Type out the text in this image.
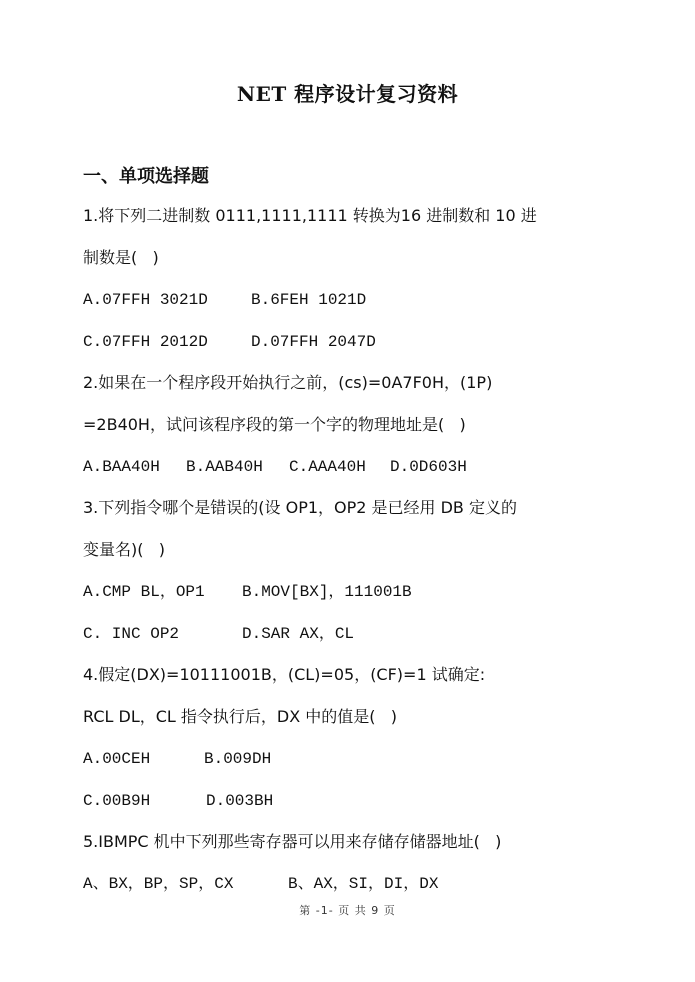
NET 程序设计复习资料
一、单项选择题
1.将下列二进制数 0111,1111,1111 转换为16 进制数和 10 进
制数是(   )
A.07FFH 3021D	B.6FEH 1021D
C.07FFH 2012D	D.07FFH 2047D
2.如果在一个程序段开始执行之前，(cs)=0A7F0H，(1P)
=2B40H，试问该程序段的第一个字的物理地址是(   )
A.BAA40H B.AAB40H C.AAA40H D.0D603H
3.下列指令哪个是错误的(设 OP1，OP2 是已经用 DB 定义的
变量名)(   )
A.CMP BL，OP1 B.MOV[BX]，111001B
C. INC OP2	D.SAR AX，CL
4.假定(DX)=10111001B，(CL)=05，(CF)=1 试确定:
RCL DL，CL 指令执行后，DX 中的值是(   )
A.00CEH	B.009DH
C.00B9H	D.003BH
5.IBMPC 机中下列那些寄存器可以用来存储存储器地址(   )
A、BX，BP，SP，CX	B、AX，SI，DI，DX
第 -1- 页 共 9 页
